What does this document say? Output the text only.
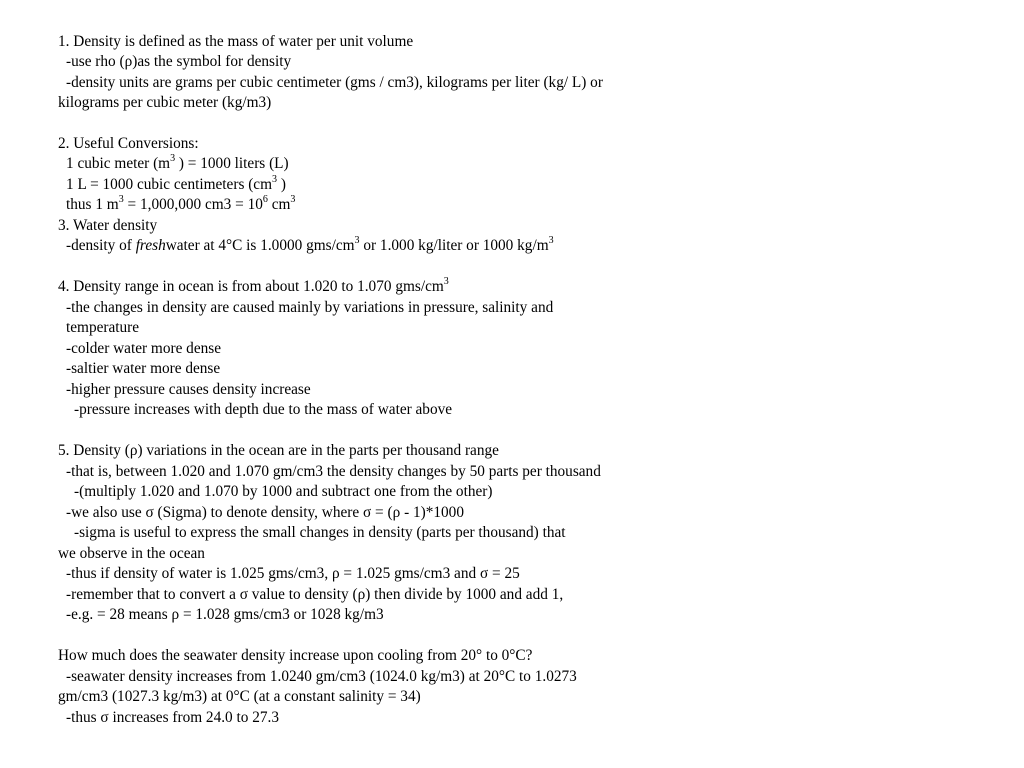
1. Density is defined as the mass of water per unit volume
-use rho (ρ)as the symbol for density
-density units are grams per cubic centimeter (gms / cm3), kilograms per liter (kg/ L) or
kilograms per cubic meter (kg/m3)
2. Useful Conversions:
1 cubic meter ($m^3$ ) = 1000 liters (L)
1 L = 1000 cubic centimeters ($cm^3$ )
thus 1 $m^3 = 1,000,000$ $cm3 = 10^6$ $cm^3$
3. Water density
-density of freshwater at 4°C is 1.0000 gms/$cm^3$ or 1.000 kg/liter or 1000 $kg/m^3$
4. Density range in ocean is from about 1.020 to 1.070 gms/$cm^3$
-the changes in density are caused mainly by variations in pressure, salinity and
temperature
-colder water more dense
-saltier water more dense
-higher pressure causes density increase
-pressure increases with depth due to the mass of water above
5. Density (ρ) variations in the ocean are in the parts per thousand range
-that is, between 1.020 and 1.070 gm/cm3 the density changes by 50 parts per thousand
-(multiply 1.020 and 1.070 by 1000 and subtract one from the other)
-we also use σ (Sigma) to denote density, where σ = (ρ - 1)*1000
-sigma is useful to express the small changes in density (parts per thousand) that
we observe in the ocean
-thus if density of water is 1.025 gms/cm3, ρ = 1.025 gms/cm3 and σ = 25
-remember that to convert a σ value to density (ρ) then divide by 1000 and add 1,
-e.g. = 28 means ρ = 1.028 gms/cm3 or 1028 kg/m3
How much does the seawater density increase upon cooling from 20° to 0°C?
-seawater density increases from 1.0240 gm/cm3 (1024.0 kg/m3) at 20°C to 1.0273
gm/cm3 (1027.3 kg/m3) at 0°C (at a constant salinity = 34)
-thus σ increases from 24.0 to 27.3
